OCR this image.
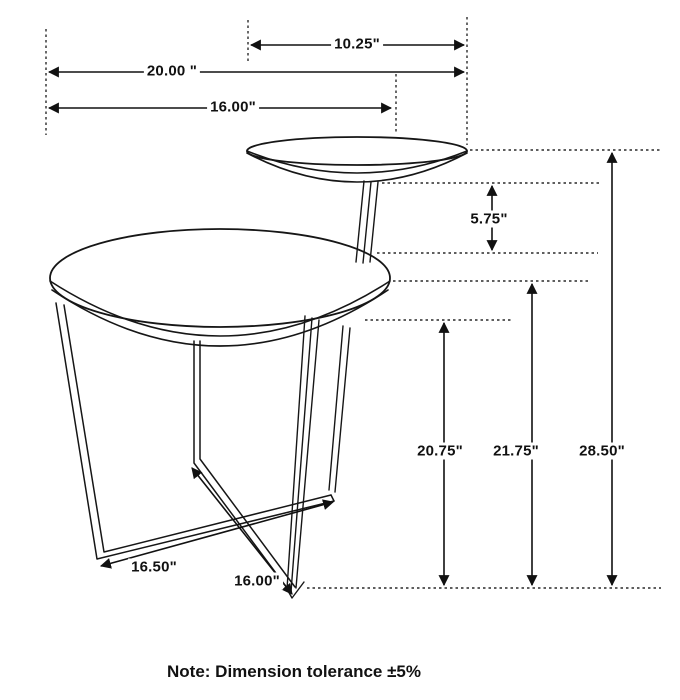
10.25"
20.00 "
16.00"
5.75"
20.75" 21.75"	28.50"
16.50"
16.00"
Note: Dimension tolerance ±5%
